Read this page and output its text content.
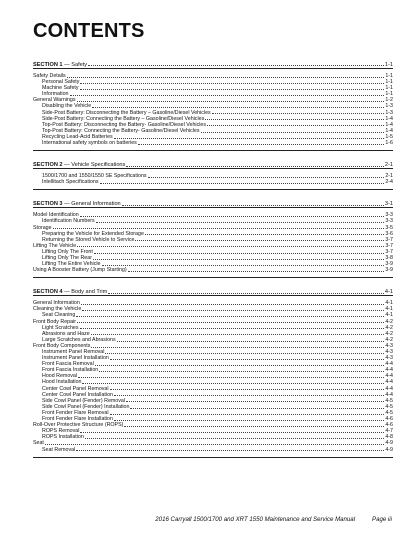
CONTENTS
SECTION 1 — Safety	1-1
Safety Details	1-1
Personal Safety	1-1
Machine Safety	1-1
Information	1-1
General Warnings	1-2
Disabling the Vehicle	1-3
Side-Post Battery: Disconnecting the Battery – Gasoline/Diesel Vehicles	1-3
Side-Post Battery: Connecting the Battery – Gasoline/Diesel Vehicles	1-4
Top-Post Battery: Disconnecting the Battery- Gasoline/Diesel Vehicles	1-4
Top-Post Battery: Connecting the Battery- Gasoline/Diesel Vehicles	1-4
Recycling Lead-Acid Batteries	1-5
International safety symbols on batteries	1-6
SECTION 2 — Vehicle Specifications	2-1
1500/1700 and 1550/1550 SE Specifications	2-1
Intellitach Specifications	2-4
SECTION 3 — General Information	3-1
Model Identification	3-3
Identification Numbers	3-3
Storage	3-5
Preparing the Vehicle for Extended Storage	3-6
Returning the Stored Vehicle to Service	3-7
Lifting The Vehicle	3-7
Lifting Only The Front	3-7
Lifting Only The Rear	3-8
Lifting The Entire Vehicle	3-9
Using A Booster Battery (Jump Starting)	3-9
SECTION 4 — Body and Trim	4-1
General Information	4-1
Cleaning the Vehicle	4-1
Seat Cleaning	4-1
Front Body Repair	4-2
Light Scratches	4-2
Abrasions and Haze	4-2
Large Scratches and Abrasions	4-2
Front Body Components	4-3
Instrument Panel Removal	4-3
Instrument Panel Installation	4-3
Front Fascia Removal	4-4
Front Fascia Installation	4-4
Hood Removal	4-4
Hood Installation	4-4
Center Cowl Panel Removal	4-4
Center Cowl Panel Installation	4-4
Side Cowl Panel (Fender) Removal	4-5
Side Cowl Panel (Fender) Installation	4-5
Front Fender Flare Removal	4-5
Front Fender Flare Installation	4-6
Roll-Over Protective Structure (ROPS)	4-6
ROPS Removal	4-7
ROPS Installation	4-8
Seat	4-9
Seat Removal	4-9
2016 Carryall 1500/1700 and XRT 1550 Maintenance and Service Manual	Page iii
